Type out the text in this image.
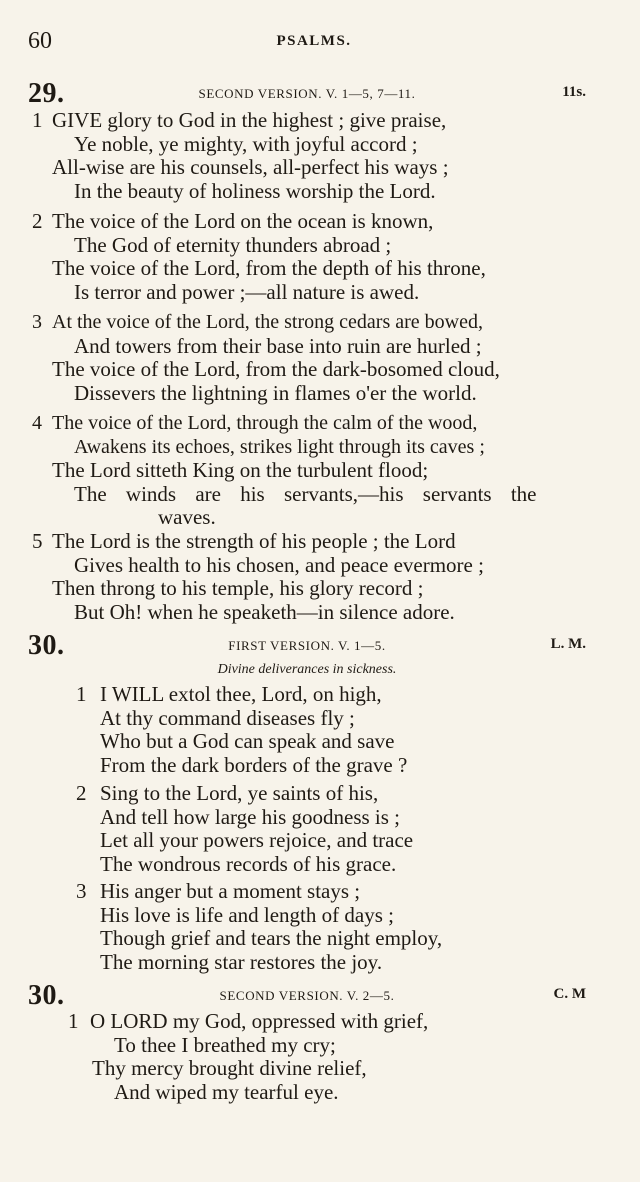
60	PSALMS.
29.	SECOND VERSION. V. 1—5, 7—11.	11s.
1 GIVE glory to God in the highest ; give praise,
Ye noble, ye mighty, with joyful accord ;
All-wise are his counsels, all-perfect his ways ;
In the beauty of holiness worship the Lord.
2 The voice of the Lord on the ocean is known,
The God of eternity thunders abroad ;
The voice of the Lord, from the depth of his throne,
Is terror and power ;—all nature is awed.
3 At the voice of the Lord, the strong cedars are bowed,
And towers from their base into ruin are hurled ;
The voice of the Lord, from the dark-bosomed cloud,
Dissevers the lightning in flames o'er the world.
4 The voice of the Lord, through the calm of the wood,
Awakens its echoes, strikes light through its caves ;
The Lord sitteth King on the turbulent flood;
The winds are his servants,—his servants the
waves.
5 The Lord is the strength of his people ; the Lord
Gives health to his chosen, and peace evermore ;
Then throng to his temple, his glory record ;
But Oh! when he speaketh—in silence adore.
30.	FIRST VERSION. V. 1—5.	L. M.
Divine deliverances in sickness.
1 I WILL extol thee, Lord, on high,
At thy command diseases fly ;
Who but a God can speak and save
From the dark borders of the grave ?
2 Sing to the Lord, ye saints of his,
And tell how large his goodness is ;
Let all your powers rejoice, and trace
The wondrous records of his grace.
3 His anger but a moment stays ;
His love is life and length of days ;
Though grief and tears the night employ,
The morning star restores the joy.
30.	SECOND VERSION. V. 2—5.	C. M
1 O LORD my God, oppressed with grief,
To thee I breathed my cry;
Thy mercy brought divine relief,
And wiped my tearful eye.
